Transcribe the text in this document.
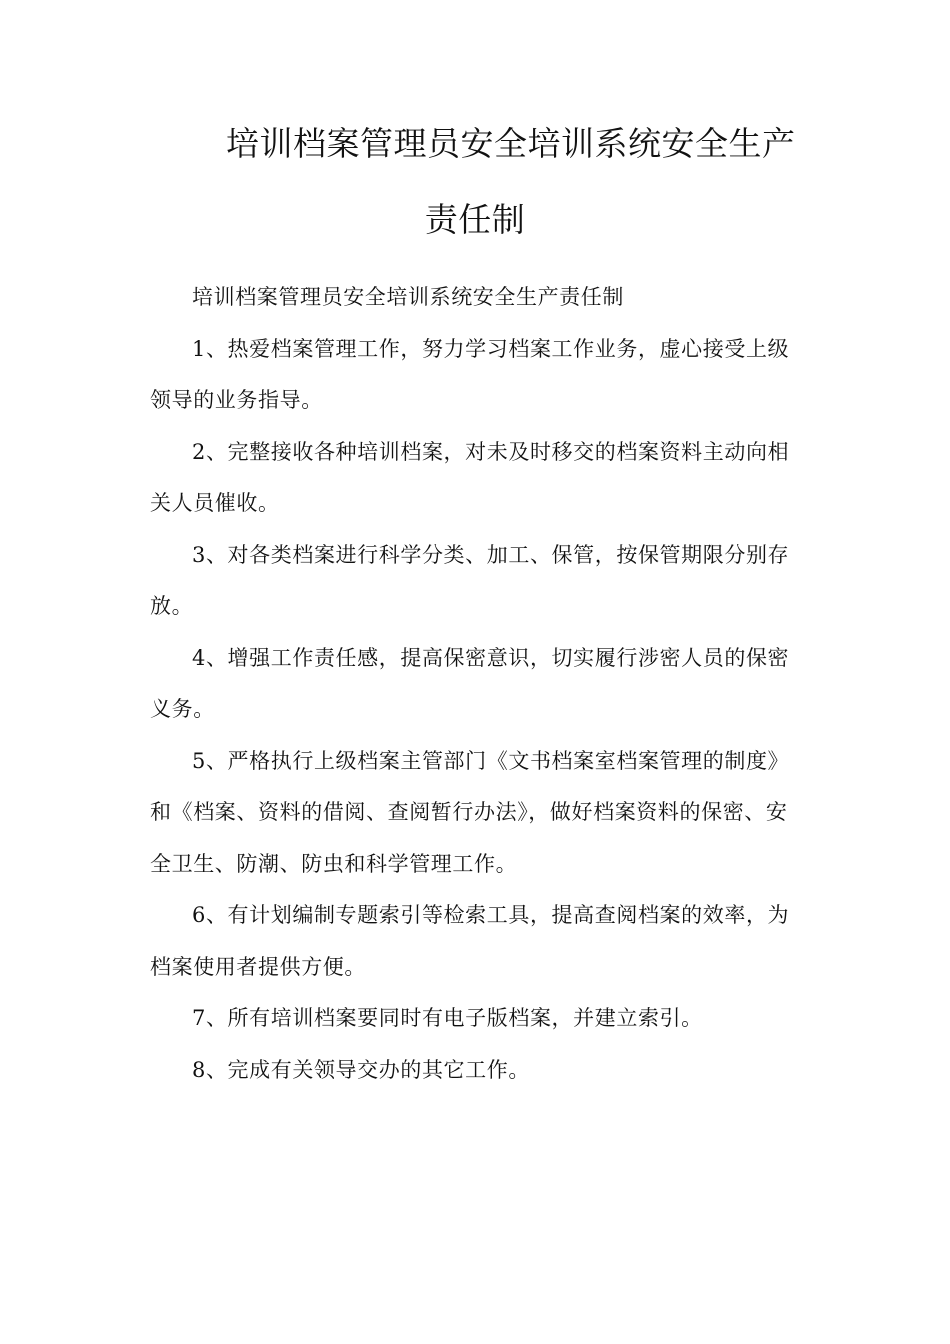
培训档案管理员安全培训系统安全生产
责任制

培训档案管理员安全培训系统安全生产责任制

1、热爱档案管理工作，努力学习档案工作业务，虚心接受上级领导的业务指导。

2、完整接收各种培训档案，对未及时移交的档案资料主动向相关人员催收。

3、对各类档案进行科学分类、加工、保管，按保管期限分别存放。

4、增强工作责任感，提高保密意识，切实履行涉密人员的保密义务。

5、严格执行上级档案主管部门《文书档案室档案管理的制度》和《档案、资料的借阅、查阅暂行办法》，做好档案资料的保密、安全卫生、防潮、防虫和科学管理工作。

6、有计划编制专题索引等检索工具，提高查阅档案的效率，为档案使用者提供方便。

7、所有培训档案要同时有电子版档案，并建立索引。

8、完成有关领导交办的其它工作。
